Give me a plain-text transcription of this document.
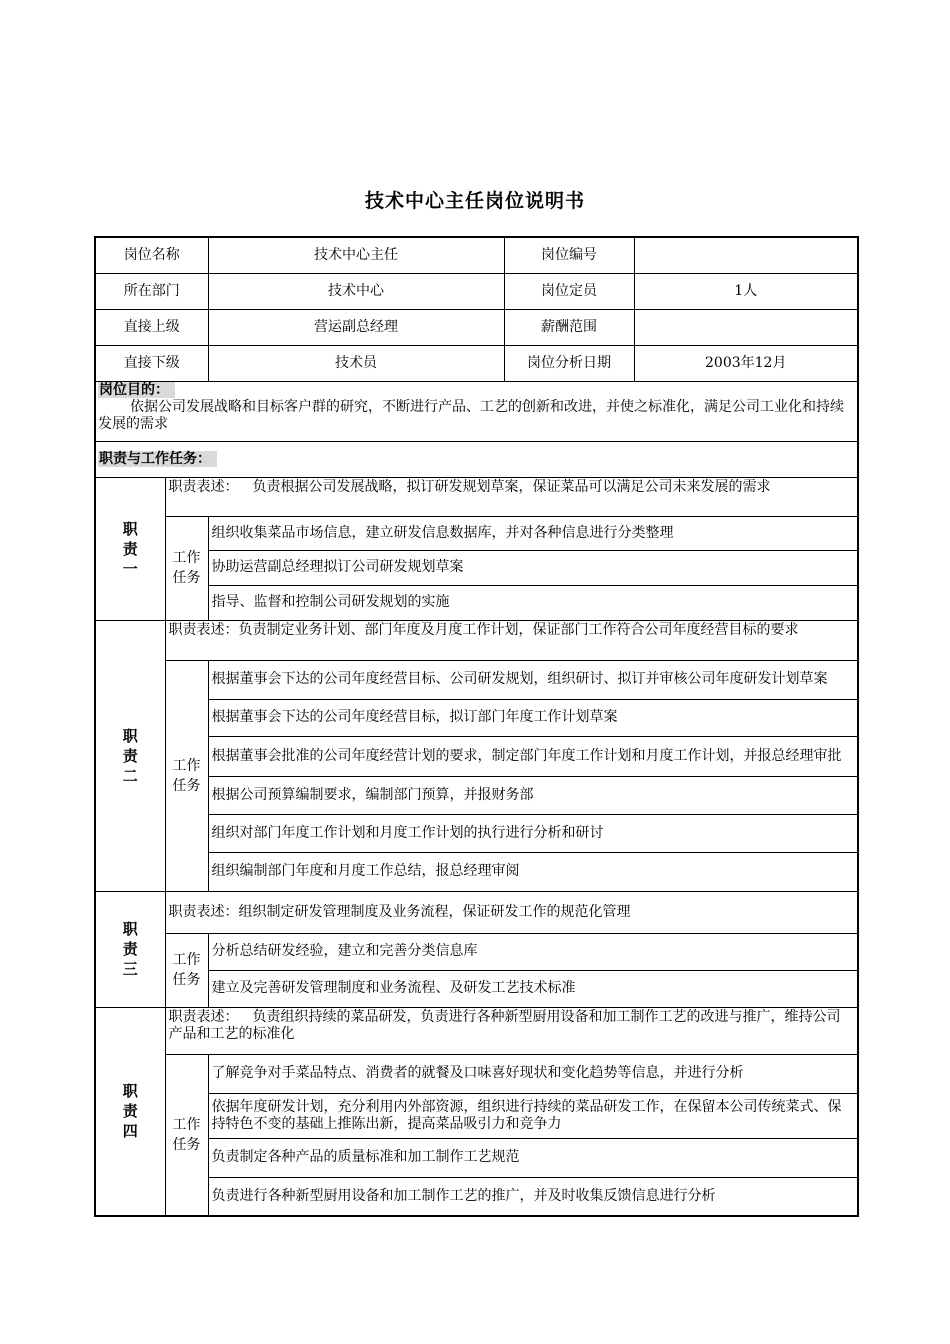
技术中心主任岗位说明书
岗位名称		技术中心主任	岗位编号	
所在部门		技术中心	岗位定员	1人
直接上级		营运副总经理	薪酬范围	
直接下级		技术员	岗位分析日期	2003年12月
岗位目的：
依据公司发展战略和目标客户群的研究，不断进行产品、工艺的创新和改进，并使之标准化，满足公司工业化和持续发展的需求				

职责与工作任务：				

职
责
一	职责表述： 负责根据公司发展战略，拟订研发规划草案，保证菜品可以满足公司未来发展的需求			

	工作
任务	组织收集菜品市场信息，建立研发信息数据库，并对各种信息进行分类整理		
		协助运营副总经理拟订公司研发规划草案		
		指导、监督和控制公司研发规划的实施		

职
责
二	职责表述：负责制定业务计划、部门年度及月度工作计划，保证部门工作符合公司年度经营目标的要求			

	工作
任务	根据董事会下达的公司年度经营目标、公司研发规划，组织研讨、拟订并审核公司年度研发计划草案		
		根据董事会下达的公司年度经营目标，拟订部门年度工作计划草案		
		根据董事会批准的公司年度经营计划的要求，制定部门年度工作计划和月度工作计划，并报总经理审批		
		根据公司预算编制要求，编制部门预算，并报财务部		
		组织对部门年度工作计划和月度工作计划的执行进行分析和研讨		
		组织编制部门年度和月度工作总结，报总经理审阅		

职
责
三	职责表述：组织制定研发管理制度及业务流程，保证研发工作的规范化管理			

	工作
任务	分析总结研发经验，建立和完善分类信息库		
		建立及完善研发管理制度和业务流程、及研发工艺技术标准		

职
责
四	职责表述： 负责组织持续的菜品研发，负责进行各种新型厨用设备和加工制作工艺的改进与推广，维持公司产品和工艺的标准化			

	工作
任务	了解竞争对手菜品特点、消费者的就餐及口味喜好现状和变化趋势等信息，并进行分析		
		依据年度研发计划，充分利用内外部资源，组织进行持续的菜品研发工作，在保留本公司传统菜式、保持特色不变的基础上推陈出新，提高菜品吸引力和竞争力		
		负责制定各种产品的质量标准和加工制作工艺规范		
		负责进行各种新型厨用设备和加工制作工艺的推广，并及时收集反馈信息进行分析		
